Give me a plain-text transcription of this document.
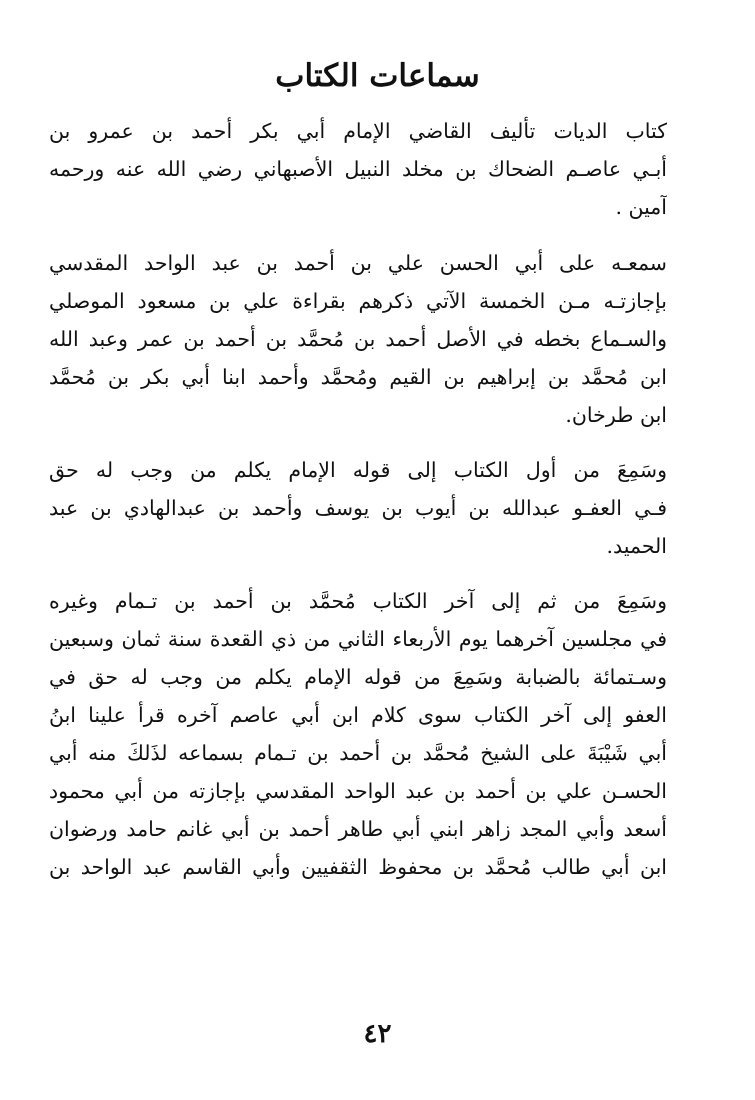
سماعات الكتاب

كتاب الديات تأليف القاضي الإمام أبي بكر أحمد بن عمرو بن
أبـي عاصـم الضحاك بن مخلد النبيل الأصبهاني رضي الله عنه ورحمه
آمين .

سمعـه على أبي الحسن علي بن أحمد بن عبد الواحد المقدسي
بإجازتـه مـن الخمسة الآتي ذكرهم بقراءة علي بن مسعود الموصلي
والسـماع بخطه في الأصل أحمد بن مُحمَّد بن أحمد بن عمر وعبد الله
ابن مُحمَّد بن إبراهيم بن القيم ومُحمَّد وأحمد ابنا أبي بكر بن مُحمَّد
ابن طرخان.

وسَمِعَ من أول الكتاب إلى قوله الإمام يكلم من وجب له حق
فـي العفـو عبدالله بن أيوب بن يوسف وأحمد بن عبدالهادي بن عبد
الحميد.

وسَمِعَ من ثم إلى آخر الكتاب مُحمَّد بن أحمد بن تـمام وغيره
في مجلسين آخرهما يوم الأربعاء الثاني من ذي القعدة سنة ثمان وسبعين
وسـتمائة بالضبابة وسَمِعَ من قوله الإمام يكلم من وجب له حق في
العفو إلى آخر الكتاب سوى كلام ابن أبي عاصم آخره قرأ علينا ابنُ
أبي شَيْبَةَ على الشيخ مُحمَّد بن أحمد بن تـمام بسماعه لذَلكَ منه أبي
الحسـن علي بن أحمد بن عبد الواحد المقدسي بإجازته من أبي محمود
أسعد وأبي المجد زاهر ابني أبي طاهر أحمد بن أبي غانم حامد ورضوان
ابن أبي طالب مُحمَّد بن محفوظ الثقفيين وأبي القاسم عبد الواحد بن

٤٢
